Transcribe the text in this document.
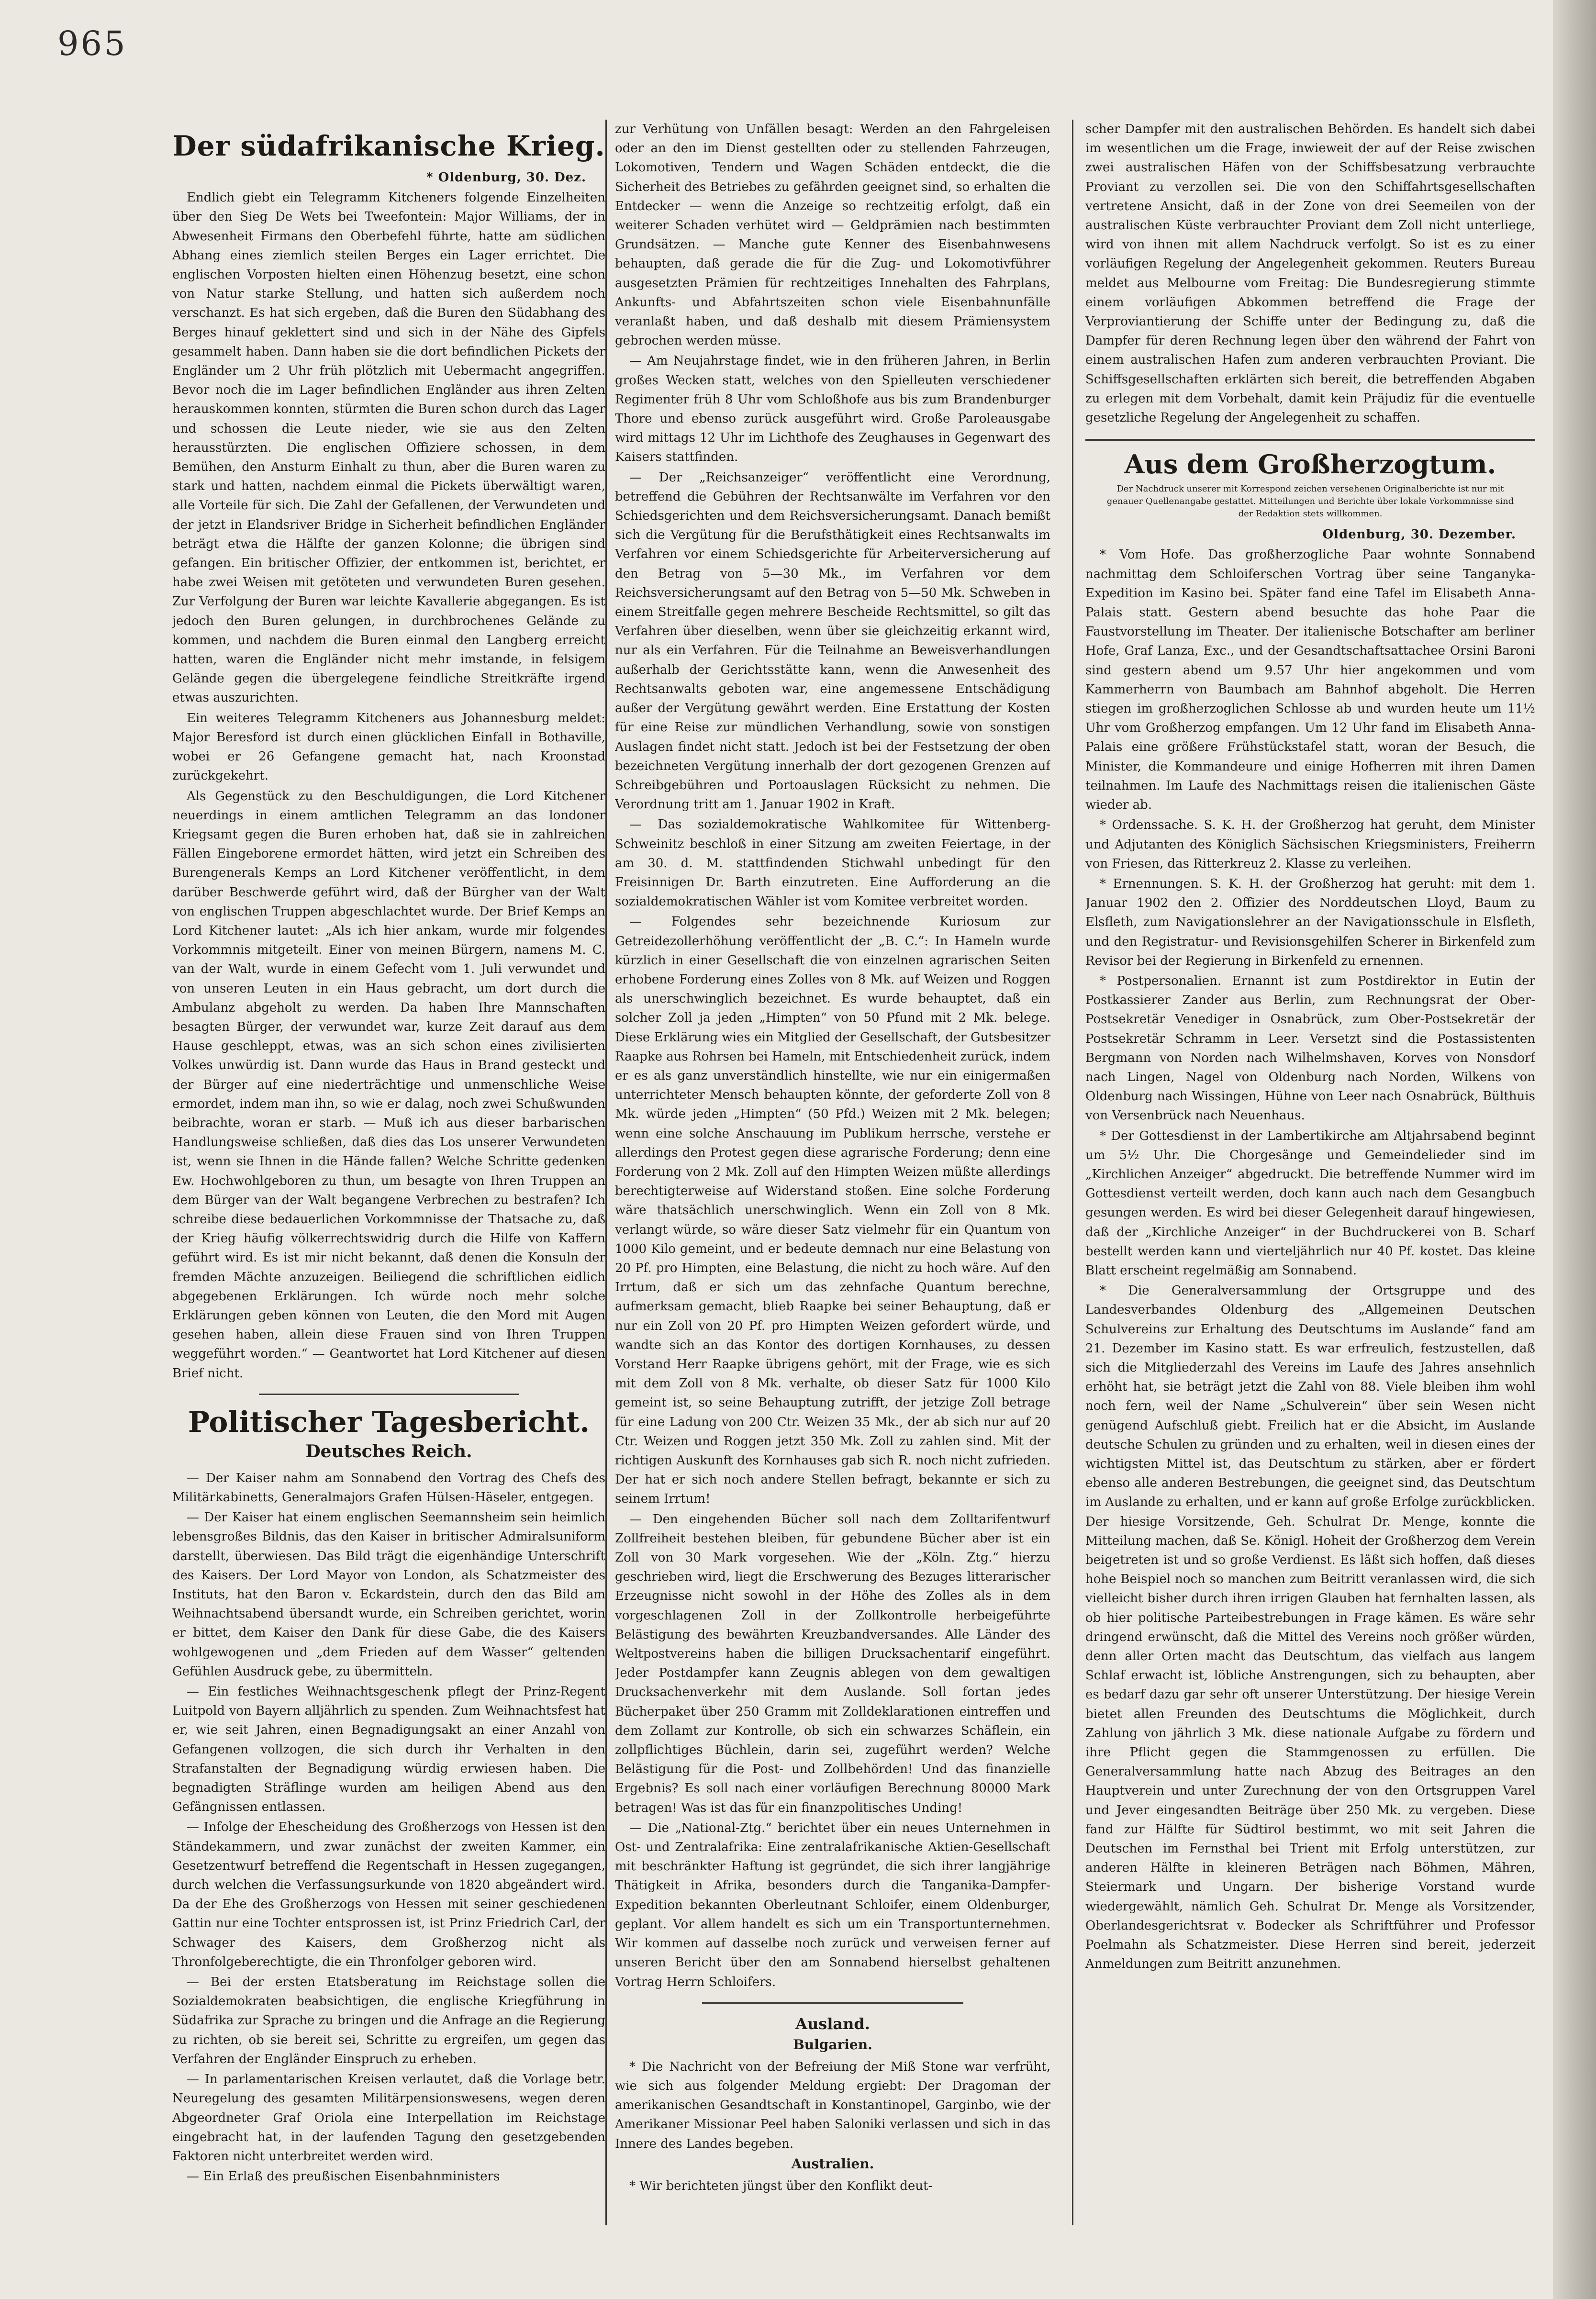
965
Der südafrikanische Krieg.

* Oldenburg, 30. Dez.

Endlich giebt ein Telegramm Kitcheners folgende Einzelheiten über den Sieg De Wets bei Tweefontein: Major Williams, der in Abwesenheit Firmans den Oberbefehl führte, hatte am südlichen Abhang eines ziemlich steilen Berges ein Lager errichtet. Die englischen Vorposten hielten einen Höhenzug besetzt, eine schon von Natur starke Stellung, und hatten sich außerdem noch verschanzt. Es hat sich ergeben, daß die Buren den Südabhang des Berges hinauf geklettert sind und sich in der Nähe des Gipfels gesammelt haben. Dann haben sie die dort befindlichen Pickets der Engländer um 2 Uhr früh plötzlich mit Uebermacht angegriffen. Bevor noch die im Lager befindlichen Engländer aus ihren Zelten herauskommen konnten, stürmten die Buren schon durch das Lager und schossen die Leute nieder, wie sie aus den Zelten herausstürzten. Die englischen Offiziere schossen, in dem Bemühen, den Ansturm Einhalt zu thun, aber die Buren waren zu stark und hatten, nachdem einmal die Pickets überwältigt waren, alle Vorteile für sich. Die Zahl der Gefallenen, der Verwundeten und der jetzt in Elandsriver Bridge in Sicherheit befindlichen Engländer beträgt etwa die Hälfte der ganzen Kolonne; die übrigen sind gefangen. Ein britischer Offizier, der entkommen ist, berichtet, er habe zwei Weisen mit getöteten und verwundeten Buren gesehen. Zur Verfolgung der Buren war leichte Kavallerie abgegangen. Es ist jedoch den Buren gelungen, in durchbrochenes Gelände zu kommen, und nachdem die Buren einmal den Langberg erreicht hatten, waren die Engländer nicht mehr imstande, in felsigem Gelände gegen die übergelegene feindliche Streitkräfte irgend etwas auszurichten.

Ein weiteres Telegramm Kitcheners aus Johannesburg meldet: Major Beresford ist durch einen glücklichen Einfall in Bothaville, wobei er 26 Gefangene gemacht hat, nach Kroonstad zurückgekehrt.

Als Gegenstück zu den Beschuldigungen, die Lord Kitchener neuerdings in einem amtlichen Telegramm an das londoner Kriegsamt gegen die Buren erhoben hat, daß sie in zahlreichen Fällen Eingeborene ermordet hätten, wird jetzt ein Schreiben des Burengenerals Kemps an Lord Kitchener veröffentlicht, in dem darüber Beschwerde geführt wird, daß der Bürgher van der Walt von englischen Truppen abgeschlachtet wurde. Der Brief Kemps an Lord Kitchener lautet: „Als ich hier ankam, wurde mir folgendes Vorkommnis mitgeteilt. Einer von meinen Bürgern, namens M. C. van der Walt, wurde in einem Gefecht vom 1. Juli verwundet und von unseren Leuten in ein Haus gebracht, um dort durch die Ambulanz abgeholt zu werden. Da haben Ihre Mannschaften besagten Bürger, der verwundet war, kurze Zeit darauf aus dem Hause geschleppt, etwas, was an sich schon eines zivilisierten Volkes unwürdig ist. Dann wurde das Haus in Brand gesteckt und der Bürger auf eine niederträchtige und unmenschliche Weise ermordet, indem man ihn, so wie er dalag, noch zwei Schußwunden beibrachte, woran er starb. — Muß ich aus dieser barbarischen Handlungsweise schließen, daß dies das Los unserer Verwundeten ist, wenn sie Ihnen in die Hände fallen? Welche Schritte gedenken Ew. Hochwohlgeboren zu thun, um besagte von Ihren Truppen an dem Bürger van der Walt begangene Verbrechen zu bestrafen? Ich schreibe diese bedauerlichen Vorkommnisse der Thatsache zu, daß der Krieg häufig völkerrechtswidrig durch die Hilfe von Kaffern geführt wird. Es ist mir nicht bekannt, daß denen die Konsuln der fremden Mächte anzuzeigen. Beiliegend die schriftlichen eidlich abgegebenen Erklärungen. Ich würde noch mehr solche Erklärungen geben können von Leuten, die den Mord mit Augen gesehen haben, allein diese Frauen sind von Ihren Truppen weggeführt worden.“ — Geantwortet hat Lord Kitchener auf diesen Brief nicht.

Politischer Tagesbericht.
Deutsches Reich.

— Der Kaiser nahm am Sonnabend den Vortrag des Chefs des Militärkabinetts, Generalmajors Grafen Hülsen-Häseler, entgegen.

— Der Kaiser hat einem englischen Seemannsheim sein heimlich lebensgroßes Bildnis, das den Kaiser in britischer Admiralsuniform darstellt, überwiesen. Das Bild trägt die eigenhändige Unterschrift des Kaisers. Der Lord Mayor von London, als Schatzmeister des Instituts, hat den Baron v. Eckardstein, durch den das Bild am Weihnachtsabend übersandt wurde, ein Schreiben gerichtet, worin er bittet, dem Kaiser den Dank für diese Gabe, die des Kaisers wohlgewogenen und „dem Frieden auf dem Wasser“ geltenden Gefühlen Ausdruck gebe, zu übermitteln.

— Ein festliches Weihnachtsgeschenk pflegt der Prinz-Regent Luitpold von Bayern alljährlich zu spenden. Zum Weihnachtsfest hat er, wie seit Jahren, einen Begnadigungsakt an einer Anzahl von Gefangenen vollzogen, die sich durch ihr Verhalten in den Strafanstalten der Begnadigung würdig erwiesen haben. Die begnadigten Sträflinge wurden am heiligen Abend aus den Gefängnissen entlassen.

— Infolge der Ehescheidung des Großherzogs von Hessen ist den Ständekammern, und zwar zunächst der zweiten Kammer, ein Gesetzentwurf betreffend die Regentschaft in Hessen zugegangen, durch welchen die Verfassungsurkunde von 1820 abgeändert wird. Da der Ehe des Großherzogs von Hessen mit seiner geschiedenen Gattin nur eine Tochter entsprossen ist, ist Prinz Friedrich Carl, der Schwager des Kaisers, dem Großherzog nicht als Thronfolgeberechtigte, die ein Thronfolger geboren wird.

— Bei der ersten Etatsberatung im Reichstage sollen die Sozialdemokraten beabsichtigen, die englische Kriegführung in Südafrika zur Sprache zu bringen und die Anfrage an die Regierung zu richten, ob sie bereit sei, Schritte zu ergreifen, um gegen das Verfahren der Engländer Einspruch zu erheben.

— In parlamentarischen Kreisen verlautet, daß die Vorlage betr. Neuregelung des gesamten Militärpensionswesens, wegen deren Abgeordneter Graf Oriola eine Interpellation im Reichstage eingebracht hat, in der laufenden Tagung den gesetzgebenden Faktoren nicht unterbreitet werden wird.

— Ein Erlaß des preußischen Eisenbahnministers

zur Verhütung von Unfällen besagt: Werden an den Fahrgeleisen oder an den im Dienst gestellten oder zu stellenden Fahrzeugen, Lokomotiven, Tendern und Wagen Schäden entdeckt, die die Sicherheit des Betriebes zu gefährden geeignet sind, so erhalten die Entdecker — wenn die Anzeige so rechtzeitig erfolgt, daß ein weiterer Schaden verhütet wird — Geldprämien nach bestimmten Grundsätzen. — Manche gute Kenner des Eisenbahnwesens behaupten, daß gerade die für die Zug- und Lokomotivführer ausgesetzten Prämien für rechtzeitiges Innehalten des Fahrplans, Ankunfts- und Abfahrtszeiten schon viele Eisenbahnunfälle veranlaßt haben, und daß deshalb mit diesem Prämiensystem gebrochen werden müsse.

— Am Neujahrstage findet, wie in den früheren Jahren, in Berlin großes Wecken statt, welches von den Spielleuten verschiedener Regimenter früh 8 Uhr vom Schloßhofe aus bis zum Brandenburger Thore und ebenso zurück ausgeführt wird. Große Paroleausgabe wird mittags 12 Uhr im Lichthofe des Zeughauses in Gegenwart des Kaisers stattfinden.

— Der „Reichsanzeiger“ veröffentlicht eine Verordnung, betreffend die Gebühren der Rechtsanwälte im Verfahren vor den Schiedsgerichten und dem Reichsversicherungsamt. Danach bemißt sich die Vergütung für die Berufsthätigkeit eines Rechtsanwalts im Verfahren vor einem Schiedsgerichte für Arbeiterversicherung auf den Betrag von 5—30 Mk., im Verfahren vor dem Reichsversicherungsamt auf den Betrag von 5—50 Mk. Schweben in einem Streitfalle gegen mehrere Bescheide Rechtsmittel, so gilt das Verfahren über dieselben, wenn über sie gleichzeitig erkannt wird, nur als ein Verfahren. Für die Teilnahme an Beweisverhandlungen außerhalb der Gerichtsstätte kann, wenn die Anwesenheit des Rechtsanwalts geboten war, eine angemessene Entschädigung außer der Vergütung gewährt werden. Eine Erstattung der Kosten für eine Reise zur mündlichen Verhandlung, sowie von sonstigen Auslagen findet nicht statt. Jedoch ist bei der Festsetzung der oben bezeichneten Vergütung innerhalb der dort gezogenen Grenzen auf Schreibgebühren und Portoauslagen Rücksicht zu nehmen. Die Verordnung tritt am 1. Januar 1902 in Kraft.

— Das sozialdemokratische Wahlkomitee für Wittenberg-Schweinitz beschloß in einer Sitzung am zweiten Feiertage, in der am 30. d. M. stattfindenden Stichwahl unbedingt für den Freisinnigen Dr. Barth einzutreten. Eine Aufforderung an die sozialdemokratischen Wähler ist vom Komitee verbreitet worden.

— Folgendes sehr bezeichnende Kuriosum zur Getreidezollerhöhung veröffentlicht der „B. C.“: In Hameln wurde kürzlich in einer Gesellschaft die von einzelnen agrarischen Seiten erhobene Forderung eines Zolles von 8 Mk. auf Weizen und Roggen als unerschwinglich bezeichnet. Es wurde behauptet, daß ein solcher Zoll ja jeden „Himpten“ von 50 Pfund mit 2 Mk. belege. Diese Erklärung wies ein Mitglied der Gesellschaft, der Gutsbesitzer Raapke aus Rohrsen bei Hameln, mit Entschiedenheit zurück, indem er es als ganz unverständlich hinstellte, wie nur ein einigermaßen unterrichteter Mensch behaupten könnte, der geforderte Zoll von 8 Mk. würde jeden „Himpten“ (50 Pfd.) Weizen mit 2 Mk. belegen; wenn eine solche Anschauung im Publikum herrsche, verstehe er allerdings den Protest gegen diese agrarische Forderung; denn eine Forderung von 2 Mk. Zoll auf den Himpten Weizen müßte allerdings berechtigterweise auf Widerstand stoßen. Eine solche Forderung wäre thatsächlich unerschwinglich. Wenn ein Zoll von 8 Mk. verlangt würde, so wäre dieser Satz vielmehr für ein Quantum von 1000 Kilo gemeint, und er bedeute demnach nur eine Belastung von 20 Pf. pro Himpten, eine Belastung, die nicht zu hoch wäre. Auf den Irrtum, daß er sich um das zehnfache Quantum berechne, aufmerksam gemacht, blieb Raapke bei seiner Behauptung, daß er nur ein Zoll von 20 Pf. pro Himpten Weizen gefordert würde, und wandte sich an das Kontor des dortigen Kornhauses, zu dessen Vorstand Herr Raapke übrigens gehört, mit der Frage, wie es sich mit dem Zoll von 8 Mk. verhalte, ob dieser Satz für 1000 Kilo gemeint ist, so seine Behauptung zutrifft, der jetzige Zoll betrage für eine Ladung von 200 Ctr. Weizen 35 Mk., der ab sich nur auf 20 Ctr. Weizen und Roggen jetzt 350 Mk. Zoll zu zahlen sind. Mit der richtigen Auskunft des Kornhauses gab sich R. noch nicht zufrieden. Der hat er sich noch andere Stellen befragt, bekannte er sich zu seinem Irrtum!

— Den eingehenden Bücher soll nach dem Zolltarifentwurf Zollfreiheit bestehen bleiben, für gebundene Bücher aber ist ein Zoll von 30 Mark vorgesehen. Wie der „Köln. Ztg.“ hierzu geschrieben wird, liegt die Erschwerung des Bezuges litterarischer Erzeugnisse nicht sowohl in der Höhe des Zolles als in dem vorgeschlagenen Zoll in der Zollkontrolle herbeigeführte Belästigung des bewährten Kreuzbandversandes. Alle Länder des Weltpostvereins haben die billigen Drucksachentarif eingeführt. Jeder Postdampfer kann Zeugnis ablegen von dem gewaltigen Drucksachenverkehr mit dem Auslande. Soll fortan jedes Bücherpaket über 250 Gramm mit Zolldeklarationen eintreffen und dem Zollamt zur Kontrolle, ob sich ein schwarzes Schäflein, ein zollpflichtiges Büchlein, darin sei, zugeführt werden? Welche Belästigung für die Post- und Zollbehörden! Und das finanzielle Ergebnis? Es soll nach einer vorläufigen Berechnung 80000 Mark betragen! Was ist das für ein finanzpolitisches Unding!

— Die „National-Ztg.“ berichtet über ein neues Unternehmen in Ost- und Zentralafrika: Eine zentralafrikanische Aktien-Gesellschaft mit beschränkter Haftung ist gegründet, die sich ihrer langjährige Thätigkeit in Afrika, besonders durch die Tanganika-Dampfer-Expedition bekannten Oberleutnant Schloifer, einem Oldenburger, geplant. Vor allem handelt es sich um ein Transportunternehmen. Wir kommen auf dasselbe noch zurück und verweisen ferner auf unseren Bericht über den am Sonnabend hierselbst gehaltenen Vortrag Herrn Schloifers.

Ausland.
Bulgarien.

* Die Nachricht von der Befreiung der Miß Stone war verfrüht, wie sich aus folgender Meldung ergiebt: Der Dragoman der amerikanischen Gesandtschaft in Konstantinopel, Garginbo, wie der Amerikaner Missionar Peel haben Saloniki verlassen und sich in das Innere des Landes begeben.

Australien.

* Wir berichteten jüngst über den Konflikt deut-

scher Dampfer mit den australischen Behörden. Es handelt sich dabei im wesentlichen um die Frage, inwieweit der auf der Reise zwischen zwei australischen Häfen von der Schiffsbesatzung verbrauchte Proviant zu verzollen sei. Die von den Schiffahrtsgesellschaften vertretene Ansicht, daß in der Zone von drei Seemeilen von der australischen Küste verbrauchter Proviant dem Zoll nicht unterliege, wird von ihnen mit allem Nachdruck verfolgt. So ist es zu einer vorläufigen Regelung der Angelegenheit gekommen. Reuters Bureau meldet aus Melbourne vom Freitag: Die Bundesregierung stimmte einem vorläufigen Abkommen betreffend die Frage der Verproviantierung der Schiffe unter der Bedingung zu, daß die Dampfer für deren Rechnung legen über den während der Fahrt von einem australischen Hafen zum anderen verbrauchten Proviant. Die Schiffsgesellschaften erklärten sich bereit, die betreffenden Abgaben zu erlegen mit dem Vorbehalt, damit kein Präjudiz für die eventuelle gesetzliche Regelung der Angelegenheit zu schaffen.

Aus dem Großherzogtum.
Der Nachdruck unserer mit Korrespond zeichen versehenen Originalberichte ist nur mit genauer Quellenangabe gestattet. Mitteilungen und Berichte über lokale Vorkommnisse sind der Redaktion stets willkommen.

Oldenburg, 30. Dezember.

* Vom Hofe. Das großherzogliche Paar wohnte Sonnabend nachmittag dem Schloiferschen Vortrag über seine Tanganyka-Expedition im Kasino bei. Später fand eine Tafel im Elisabeth Anna-Palais statt. Gestern abend besuchte das hohe Paar die Faustvorstellung im Theater. Der italienische Botschafter am berliner Hofe, Graf Lanza, Exc., und der Gesandtschaftsattachee Orsini Baroni sind gestern abend um 9.57 Uhr hier angekommen und vom Kammerherrn von Baumbach am Bahnhof abgeholt. Die Herren stiegen im großherzoglichen Schlosse ab und wurden heute um 11½ Uhr vom Großherzog empfangen. Um 12 Uhr fand im Elisabeth Anna-Palais eine größere Frühstückstafel statt, woran der Besuch, die Minister, die Kommandeure und einige Hofherren mit ihren Damen teilnahmen. Im Laufe des Nachmittags reisen die italienischen Gäste wieder ab.

* Ordenssache. S. K. H. der Großherzog hat geruht, dem Minister und Adjutanten des Königlich Sächsischen Kriegsministers, Freiherrn von Friesen, das Ritterkreuz 2. Klasse zu verleihen.

* Ernennungen. S. K. H. der Großherzog hat geruht: mit dem 1. Januar 1902 den 2. Offizier des Norddeutschen Lloyd, Baum zu Elsfleth, zum Navigationslehrer an der Navigationsschule in Elsfleth, und den Registratur- und Revisionsgehilfen Scherer in Birkenfeld zum Revisor bei der Regierung in Birkenfeld zu ernennen.

* Postpersonalien. Ernannt ist zum Postdirektor in Eutin der Postkassierer Zander aus Berlin, zum Rechnungsrat der Ober-Postsekretär Venediger in Osnabrück, zum Ober-Postsekretär der Postsekretär Schramm in Leer. Versetzt sind die Postassistenten Bergmann von Norden nach Wilhelmshaven, Korves von Nonsdorf nach Lingen, Nagel von Oldenburg nach Norden, Wilkens von Oldenburg nach Wissingen, Hühne von Leer nach Osnabrück, Bülthuis von Versenbrück nach Neuenhaus.

* Der Gottesdienst in der Lambertikirche am Altjahrsabend beginnt um 5½ Uhr. Die Chorgesänge und Gemeindelieder sind im „Kirchlichen Anzeiger“ abgedruckt. Die betreffende Nummer wird im Gottesdienst verteilt werden, doch kann auch nach dem Gesangbuch gesungen werden. Es wird bei dieser Gelegenheit darauf hingewiesen, daß der „Kirchliche Anzeiger“ in der Buchdruckerei von B. Scharf bestellt werden kann und vierteljährlich nur 40 Pf. kostet. Das kleine Blatt erscheint regelmäßig am Sonnabend.

* Die Generalversammlung der Ortsgruppe und des Landesverbandes Oldenburg des „Allgemeinen Deutschen Schulvereins zur Erhaltung des Deutschtums im Auslande“ fand am 21. Dezember im Kasino statt. Es war erfreulich, festzustellen, daß sich die Mitgliederzahl des Vereins im Laufe des Jahres ansehnlich erhöht hat, sie beträgt jetzt die Zahl von 88. Viele bleiben ihm wohl noch fern, weil der Name „Schulverein“ über sein Wesen nicht genügend Aufschluß giebt. Freilich hat er die Absicht, im Auslande deutsche Schulen zu gründen und zu erhalten, weil in diesen eines der wichtigsten Mittel ist, das Deutschtum zu stärken, aber er fördert ebenso alle anderen Bestrebungen, die geeignet sind, das Deutschtum im Auslande zu erhalten, und er kann auf große Erfolge zurückblicken. Der hiesige Vorsitzende, Geh. Schulrat Dr. Menge, konnte die Mitteilung machen, daß Se. Königl. Hoheit der Großherzog dem Verein beigetreten ist und so große Verdienst. Es läßt sich hoffen, daß dieses hohe Beispiel noch so manchen zum Beitritt veranlassen wird, die sich vielleicht bisher durch ihren irrigen Glauben hat fernhalten lassen, als ob hier politische Parteibestrebungen in Frage kämen. Es wäre sehr dringend erwünscht, daß die Mittel des Vereins noch größer würden, denn aller Orten macht das Deutschtum, das vielfach aus langem Schlaf erwacht ist, löbliche Anstrengungen, sich zu behaupten, aber es bedarf dazu gar sehr oft unserer Unterstützung. Der hiesige Verein bietet allen Freunden des Deutschtums die Möglichkeit, durch Zahlung von jährlich 3 Mk. diese nationale Aufgabe zu fördern und ihre Pflicht gegen die Stammgenossen zu erfüllen. Die Generalversammlung hatte nach Abzug des Beitrages an den Hauptverein und unter Zurechnung der von den Ortsgruppen Varel und Jever eingesandten Beiträge über 250 Mk. zu vergeben. Diese fand zur Hälfte für Südtirol bestimmt, wo mit seit Jahren die Deutschen im Fernsthal bei Trient mit Erfolg unterstützen, zur anderen Hälfte in kleineren Beträgen nach Böhmen, Mähren, Steiermark und Ungarn. Der bisherige Vorstand wurde wiedergewählt, nämlich Geh. Schulrat Dr. Menge als Vorsitzender, Oberlandesgerichtsrat v. Bodecker als Schriftführer und Professor Poelmahn als Schatzmeister. Diese Herren sind bereit, jederzeit Anmeldungen zum Beitritt anzunehmen.
